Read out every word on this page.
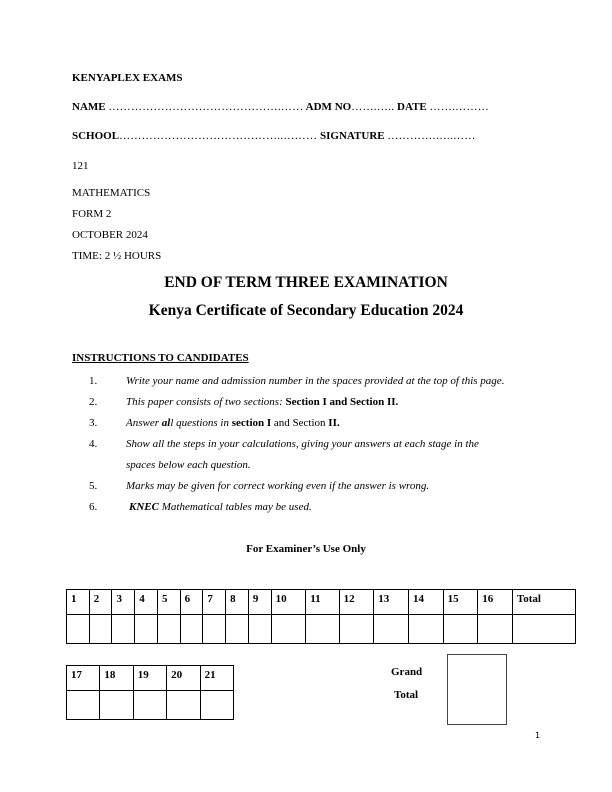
KENYAPLEX EXAMS
NAME ……………………………………….…… ADM NO…….….. DATE …….………
SCHOOL……………………………………..……… SIGNATURE ………….…..……
121
MATHEMATICS
FORM 2
OCTOBER 2024
TIME: 2 ½ HOURS
END OF TERM THREE EXAMINATION
Kenya Certificate of Secondary Education 2024
INSTRUCTIONS TO CANDIDATES
1.	Write your name and admission number in the spaces provided at the top of this page.
2.	This paper consists of two sections: Section I and Section II.
3.	Answer all questions in section I and Section II.
4.	Show all the steps in your calculations, giving your answers at each stage in the
spaces below each question.
5.	Marks may be given for correct working even if the answer is wrong.
6.	KNEC Mathematical tables may be used.
For Examiner’s Use Only
1	2	3	4	5	6	7	8	9	10	11	12	13	14	15	16	Total

17	18	19	20	21
					Grand
Total
1
